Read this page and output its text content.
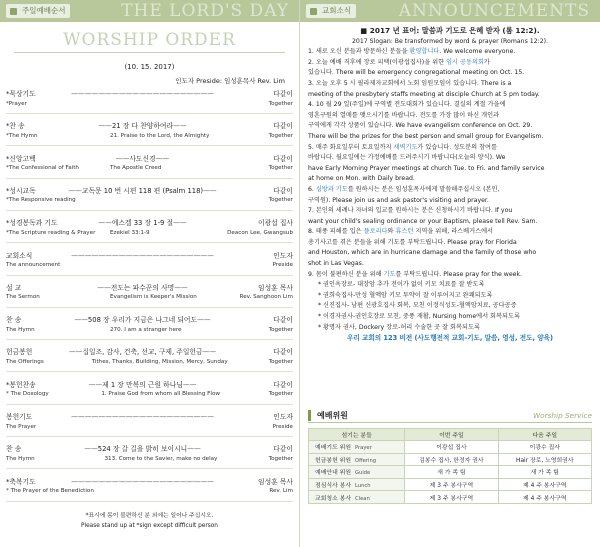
주일예배순서	THE LORD'S DAY
WORSHIP ORDER
(10. 15. 2017)
인도자 Preside: 임성훈목사 Rev. Lim
*묵상기도	—————————————————————	다같이
*Prayer	Together
*찬 송	——21 장 다 찬양하여라——	다같이
*The Hymn	21. Praise to the Lord, the Almighty	Together
*신앙고백	——사도신경——	다같이
*The Confessional of Faith	The Apostle Creed	Together
*성시교독	——교독문 10 번 시편 118 편 (Psalm 118)——	다같이
*The Responsive reading	Together
*성경봉독과 기도	——에스겔 33 장 1-9 절——	이광섭 집사
*The Scripture reading & Prayer	Ezekiel 33:1-9	Deacon Lee, Gwangsub
교회소식	—————————————————————	인도자
The announcement	Preside
설 교	——전도는 파수꾼의 사명——	임성훈 목사
The Sermon	Evangelism is Keeper's Mission	Rev. Sanghoon Lim
찬 송	——508 장 우리가 지금은 나그네 되어도——	다같이
The Hymn	270. I am a stranger here	Together
헌금봉헌	——십일조, 감사, 건축, 선교, 구제, 주일헌금——	다같이
The Offerings	Tithes, Thanks, Building, Mission, Mercy, Sunday	Together
*봉헌찬송	——제 1 장 만복의 근원 하나님——	다같이
* The Doxology	1. Praise God from whom all Blessing Flow	Together
봉헌기도	—————————————————————	인도자
The Prayer	Preside
찬 송	——524 장 갈 길을 밝히 보이시니——	다같이
The Hymn	313. Come to the Savier, make no delay	Together
*축복기도	—————————————————————	임성훈 목사
* The Prayer of the Benediction	Rev. Lim
*표시에 몸이 불편하신 분 외에는 일어나 주십시오.
Please stand up at *sign except difficult person
교회소식	ANNOUNCEMENTS

■ 2017 년 표어: 말씀과 기도로 은혜 받자 (롬 12:2).

2017 Slogan: Be transformed by word & prayer (Romans 12:2).

1. 새로 오신 분들과 방문하신 분들을 환영합니다. We welcome everyone.

2. 오늘 예배 직후에 장로 피택(이광섭집사)을 위한 임시 공동의회가

있습니다. There will be emergency congregational meeting on Oct. 15.

3. 오늘 오후 5 시 필라제자교회에서 노회 임원모임이 있습니다. There is a

meeting of the presbytery staffs meeting at disciple Church at 5 pm today.

4. 10 월 29 일(주일)에 구역별 전도대회가 있습니다. 결실의 계절 가을에

영혼구원의 열매를 맺으시기를 바랍니다. 전도를 가장 많이 하신 개인과

구역에게 각각 상품이 있습니다. We have evangelism conference on Oct. 29.

There will be the prizes for the best person and small group for Evangelism.

5. 매주 화요일부터 토요일까지 새벽기도가 있습니다. 성도분의 참여를

바랍니다. 월요일에는 가정예배를 드려주시기 바랍니다(오늘의 양식). We

have Early Morning Prayer meetings at church Tue. to Fri. and family service

at home on Mon. with Daily bread.

6. 심방과 기도를 원하시는 분은 임성훈목사에게 말씀해주십시오 (본인,

구역원). Please join us and ask pastor's visiting and prayer.

7. 본인의 세례나 자녀의 입교를 원하시는 분은 신청하시기 바랍니다. If you

want your child's sealing ordinance or your Baptism, please tell Rev. Sam.

8. 태풍 피해를 입은 플로리다와 휴스턴 지역을 위해, 라스베거스에서

총기사고를 겪은 분들을 위해 기도를 부탁드립니다. Please pray for Florida

and Houston, which are in hurricane damage and the family of those who

shot in Las Vegas.

9. 몸이 불편하신 분을 위해 기도를 부탁드립니다. Please pray for the week.

* 권인옥장로- 대장암 추가 전이가 없이 키모 치료를 잘 받도록

* 권희숙집사-만성 혈액암 키모 투약이 잘 이루어지고 완쾌되도록

* 신진집사- 남편 신광호집사 회복, 모친 이정식성도-혈액암치료, 공다공증

* 이경자권사-권인호장로 모친, 중풍 재활, Nursing home에서 회복되도록

* 황명자 권사, Dockery 장로-허리 수술한 곳 잘 회복되도록

우리 교회의 123 비전 (사도행전적 교회-기도, 말씀, 영성, 전도, 양육)

예배위원	Worship Service
섬기는 분들	이번 주일	다음 주일
예배기도 위원 Prayer	이광섭 집사	이광수 집사
헌금봉헌 위원 Offering	김봉수 집사, 한정자 권사	Hair 장로, 노영희권사
예배안내 위원 Guide	새 가 족 팀	새 가 족 팀
점심식사 봉사 Lunch	제 3 주 봉사구역	제 4 주 봉사구역
교회청소 봉사 Clean	제 3 주 봉사구역	제 4 주 봉사구역
